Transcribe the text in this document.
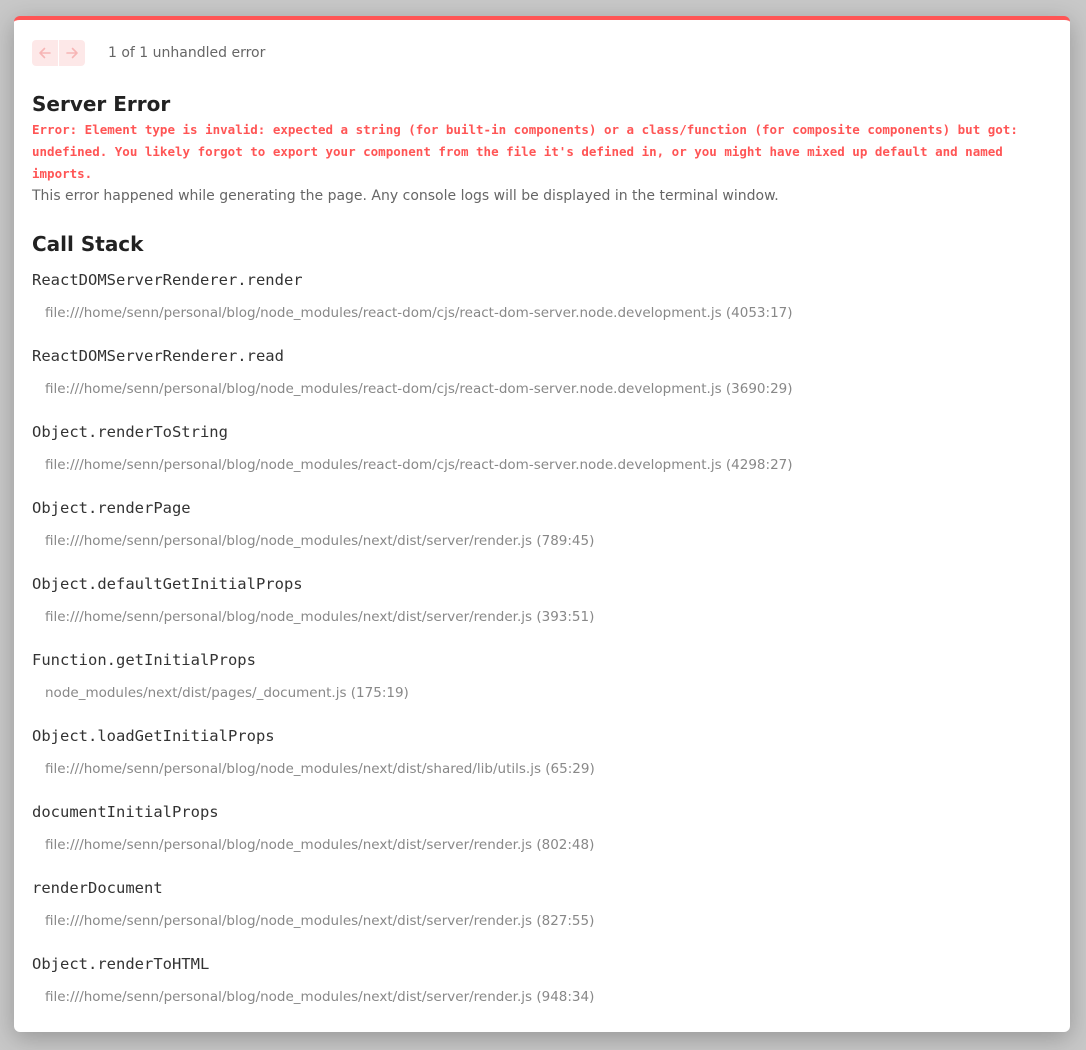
1 of 1 unhandled error
Server Error
Error: Element type is invalid: expected a string (for built-in components) or a class/function (for composite components) but got: undefined. You likely forgot to export your component from the file it's defined in, or you might have mixed up default and named imports.

This error happened while generating the page. Any console logs will be displayed in the terminal window.

Call Stack
ReactDOMServerRenderer.render
file:///home/senn/personal/blog/node_modules/react-dom/cjs/react-dom-server.node.development.js (4053:17)
ReactDOMServerRenderer.read
file:///home/senn/personal/blog/node_modules/react-dom/cjs/react-dom-server.node.development.js (3690:29)
Object.renderToString
file:///home/senn/personal/blog/node_modules/react-dom/cjs/react-dom-server.node.development.js (4298:27)
Object.renderPage
file:///home/senn/personal/blog/node_modules/next/dist/server/render.js (789:45)
Object.defaultGetInitialProps
file:///home/senn/personal/blog/node_modules/next/dist/server/render.js (393:51)
Function.getInitialProps
node_modules/next/dist/pages/_document.js (175:19)
Object.loadGetInitialProps
file:///home/senn/personal/blog/node_modules/next/dist/shared/lib/utils.js (65:29)
documentInitialProps
file:///home/senn/personal/blog/node_modules/next/dist/server/render.js (802:48)
renderDocument
file:///home/senn/personal/blog/node_modules/next/dist/server/render.js (827:55)
Object.renderToHTML
file:///home/senn/personal/blog/node_modules/next/dist/server/render.js (948:34)
